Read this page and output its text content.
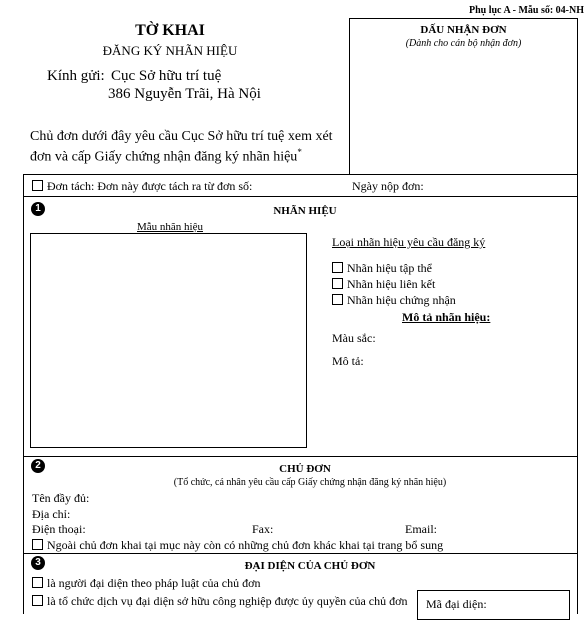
Phụ lục A - Mẫu số: 04-NH
TỜ KHAI
ĐĂNG KÝ NHÃN HIỆU
Kính gửi: Cục Sở hữu trí tuệ
386 Nguyễn Trãi, Hà Nội
Chủ đơn dưới đây yêu cầu Cục Sở hữu trí tuệ xem xét
đơn và cấp Giấy chứng nhận đăng ký nhãn hiệu*
DẤU NHẬN ĐƠN
(Dành cho cán bộ nhận đơn)
Đơn tách: Đơn này được tách ra từ đơn số:	Ngày nộp đơn:
1	NHÃN HIỆU
Mẫu nhãn hiệu
Loại nhãn hiệu yêu cầu đăng ký
Nhãn hiệu tập thể
Nhãn hiệu liên kết
Nhãn hiệu chứng nhận
Mô tả nhãn hiệu:
Màu sắc:
Mô tả:
2	CHỦ ĐƠN
(Tổ chức, cá nhân yêu cầu cấp Giấy chứng nhận đăng ký nhãn hiệu)
Tên đầy đủ:
Địa chỉ:
Điện thoại:	Fax:	Email:
Ngoài chủ đơn khai tại mục này còn có những chủ đơn khác khai tại trang bổ sung
3	ĐẠI DIỆN CỦA CHỦ ĐƠN
là người đại diện theo pháp luật của chủ đơn
là tổ chức dịch vụ đại diện sở hữu công nghiệp được ủy quyền của chủ đơn Mã đại diện:
